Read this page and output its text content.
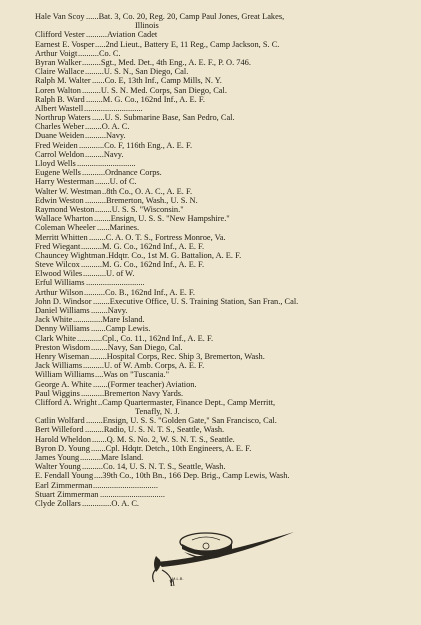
Hale Van Scoy ......Bat. 3, Co. 20, Reg. 20, Camp Paul Jones, Great Lakes,
Illinois
Clifford Vester ..........Aviation Cadet
Earnest E. Vosper .....2nd Lieut., Battery E, 11 Reg., Camp Jackson, S. C.
Arthur Voigt ..........Co. C.
Byran Walker .........Sgt., Med. Det., 4th Eng., A. E. F., P. O. 746.
Claire Wallace .........U. S. N., San Diego, Cal.
Ralph M. Walter ......Co. E, 13th Inf., Camp Mills, N. Y.
Loren Walton .........U. S. N. Med. Corps, San Diego, Cal.
Ralph B. Ward ........M. G. Co., 162nd Inf., A. E. F.
Albert Wastell ............................
Northrup Waters ......U. S. Submarine Base, San Pedro, Cal.
Charles Weber ........O. A. C.
Duane Weiden ..........Navy.
Fred Weiden ............Co. F, 116th Eng., A. E. F.
Carrol Weldon .........Navy.
Lloyd Wells ............................
Eugene Wells ...........Ordnance Corps.
Harry Westerman .......U. of C.
Walter W. Westman ..8th Co., O. A. C., A. E. F.
Edwin Weston ..........Bremerton, Wash., U. S. N.
Raymond Weston ........U. S. S. "Wisconsin."
Wallace Wharton ........Ensign, U. S. S. "New Hampshire."
Coleman Wheeler ......Marines.
Merritt Whitten ........C. A. O. T. S., Fortress Monroe, Va.
Fred Wiegant ..........M. G. Co., 162nd Inf., A. E. F.
Chauncey Wightman .Hdqtr. Co., 1st M. G. Battalion, A. E. F.
Steve Wilcox ..........M. G. Co., 162nd Inf., A. E. F.
Elwood Wiles ...........U. of W.
Erful Williams ............................
Arthur Wilson ..........Co. B., 162nd Inf., A. E. F.
John D. Windsor ........Executive Office, U. S. Training Station, San Fran., Cal.
Daniel Williams ........Navy.
Jack White ..............Mare Island.
Denny Williams .......Camp Lewis.
Clark White ............Cpl., Co. 11., 162nd Inf., A. E. F.
Preston Wisdom ........Navy, San Diego, Cal.
Henry Wiseman ........Hospital Corps, Rec. Ship 3, Bremerton, Wash.
Jack Williams ..........U. of W. Amb. Corps, A. E. F.
William Williams ....Was on "Tuscania."
George A. White .......(Former teacher) Aviation.
Paul Wiggins ...........Bremerton Navy Yards.
Clifford A. Wright ..Camp Quartermaster, Finance Dept., Camp Merritt,
Tenafly, N. J.
Catlin Wolfard ........Ensign, U. S. S. "Golden Gate," San Francisco, Cal.
Bert Willeford .........Radio, U. S. N. T. S., Seattle, Wash.
Harold Wheldon .......Q. M. S. No. 2, W. S. N. T. S., Seattle.
Byron D. Young .......Cpl. Hdqtr. Detch., 10th Engineers, A. E. F.
James Young ..........Mare Island.
Walter Young ..........Co. 14, U. S. N. T. S., Seattle, Wash.
E. Fendall Young ....39th Co., 10th Bn., 166 Dep. Brig., Camp Lewis, Wash.
Earl Zimmerman ...............................
Stuart Zimmerman ...............................
Clyde Zollars ..............O. A. C.
M.L.B.
